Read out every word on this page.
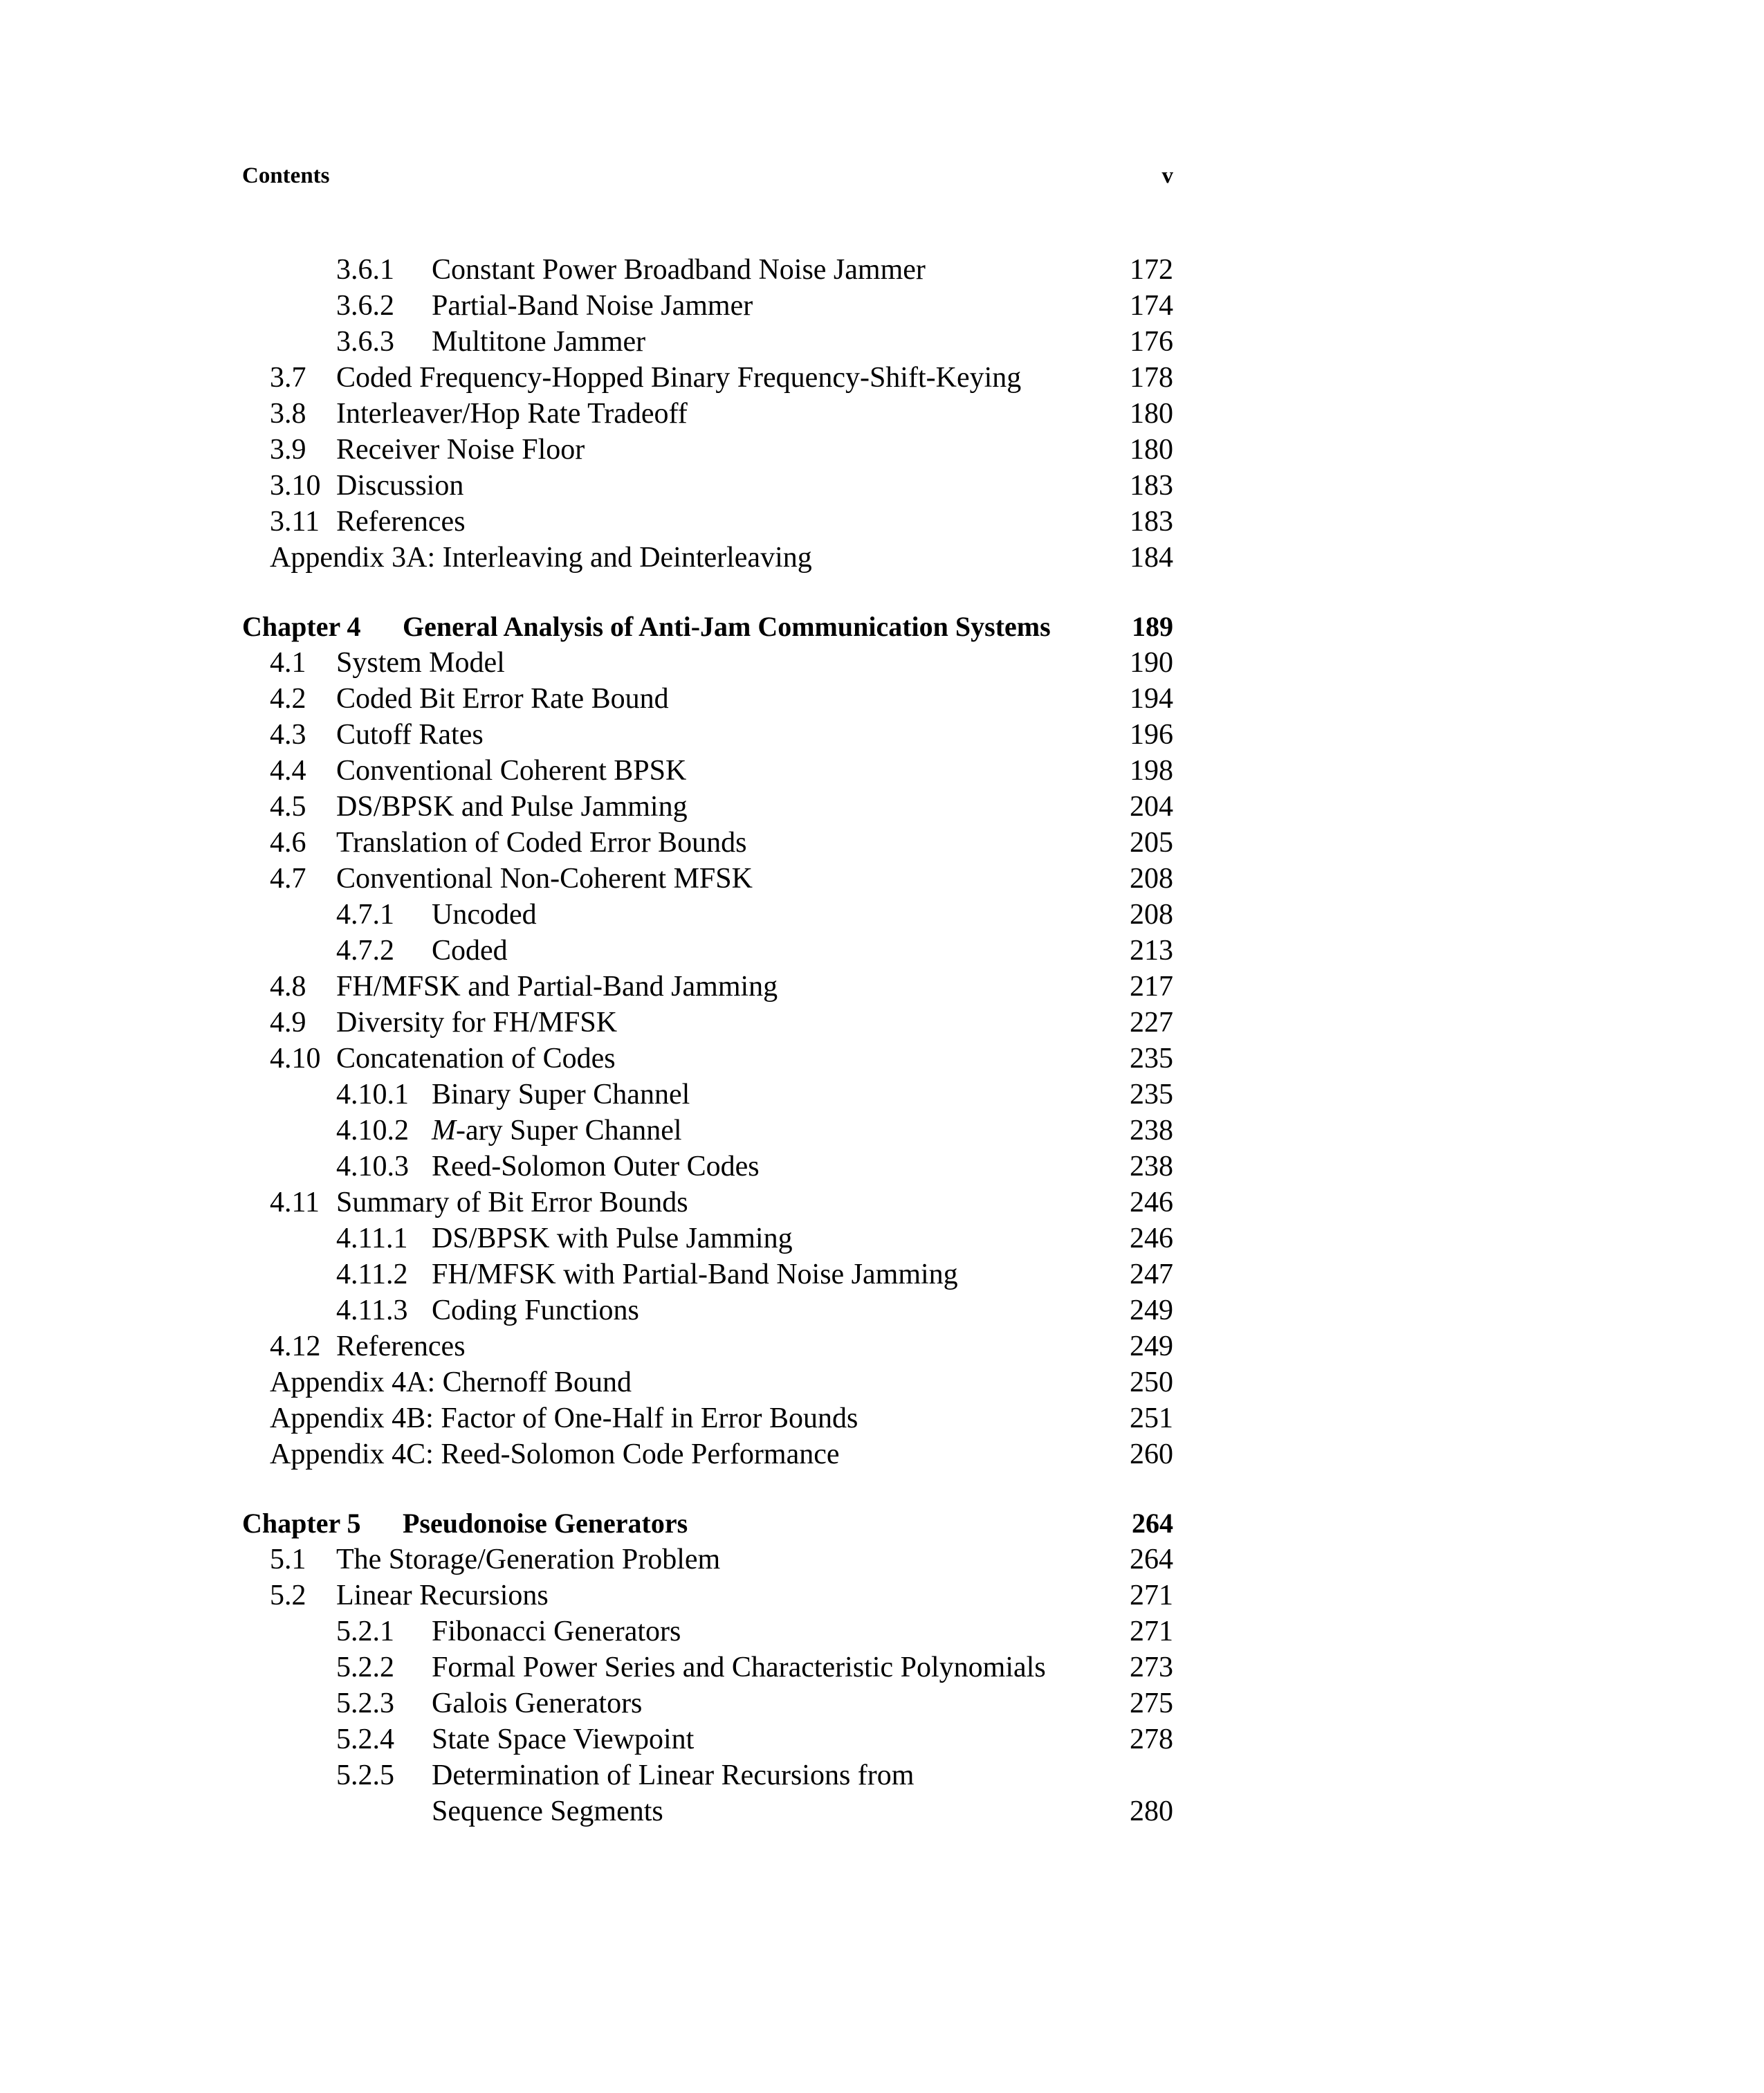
Contents	v
3.6.1 Constant Power Broadband Noise Jammer	172
3.6.2 Partial-Band Noise Jammer	174
3.6.3 Multitone Jammer	176
3.7 Coded Frequency-Hopped Binary Frequency-Shift-Keying	178
3.8 Interleaver/Hop Rate Tradeoff	180
3.9 Receiver Noise Floor	180
3.10 Discussion	183
3.11 References	183
Appendix 3A: Interleaving and Deinterleaving	184
Chapter 4 General Analysis of Anti-Jam Communication Systems	189
4.1 System Model	190
4.2 Coded Bit Error Rate Bound	194
4.3 Cutoff Rates	196
4.4 Conventional Coherent BPSK	198
4.5 DS/BPSK and Pulse Jamming	204
4.6 Translation of Coded Error Bounds	205
4.7 Conventional Non-Coherent MFSK	208
4.7.1 Uncoded	208
4.7.2 Coded	213
4.8 FH/MFSK and Partial-Band Jamming	217
4.9 Diversity for FH/MFSK	227
4.10 Concatenation of Codes	235
4.10.1 Binary Super Channel	235
4.10.2 M-ary Super Channel	238
4.10.3 Reed-Solomon Outer Codes	238
4.11 Summary of Bit Error Bounds	246
4.11.1 DS/BPSK with Pulse Jamming	246
4.11.2 FH/MFSK with Partial-Band Noise Jamming	247
4.11.3 Coding Functions	249
4.12 References	249
Appendix 4A: Chernoff Bound	250
Appendix 4B: Factor of One-Half in Error Bounds	251
Appendix 4C: Reed-Solomon Code Performance	260
Chapter 5 Pseudonoise Generators	264
5.1 The Storage/Generation Problem	264
5.2 Linear Recursions	271
5.2.1 Fibonacci Generators	271
5.2.2 Formal Power Series and Characteristic Polynomials	273
5.2.3 Galois Generators	275
5.2.4 State Space Viewpoint	278
5.2.5 Determination of Linear Recursions from
Sequence Segments	280
